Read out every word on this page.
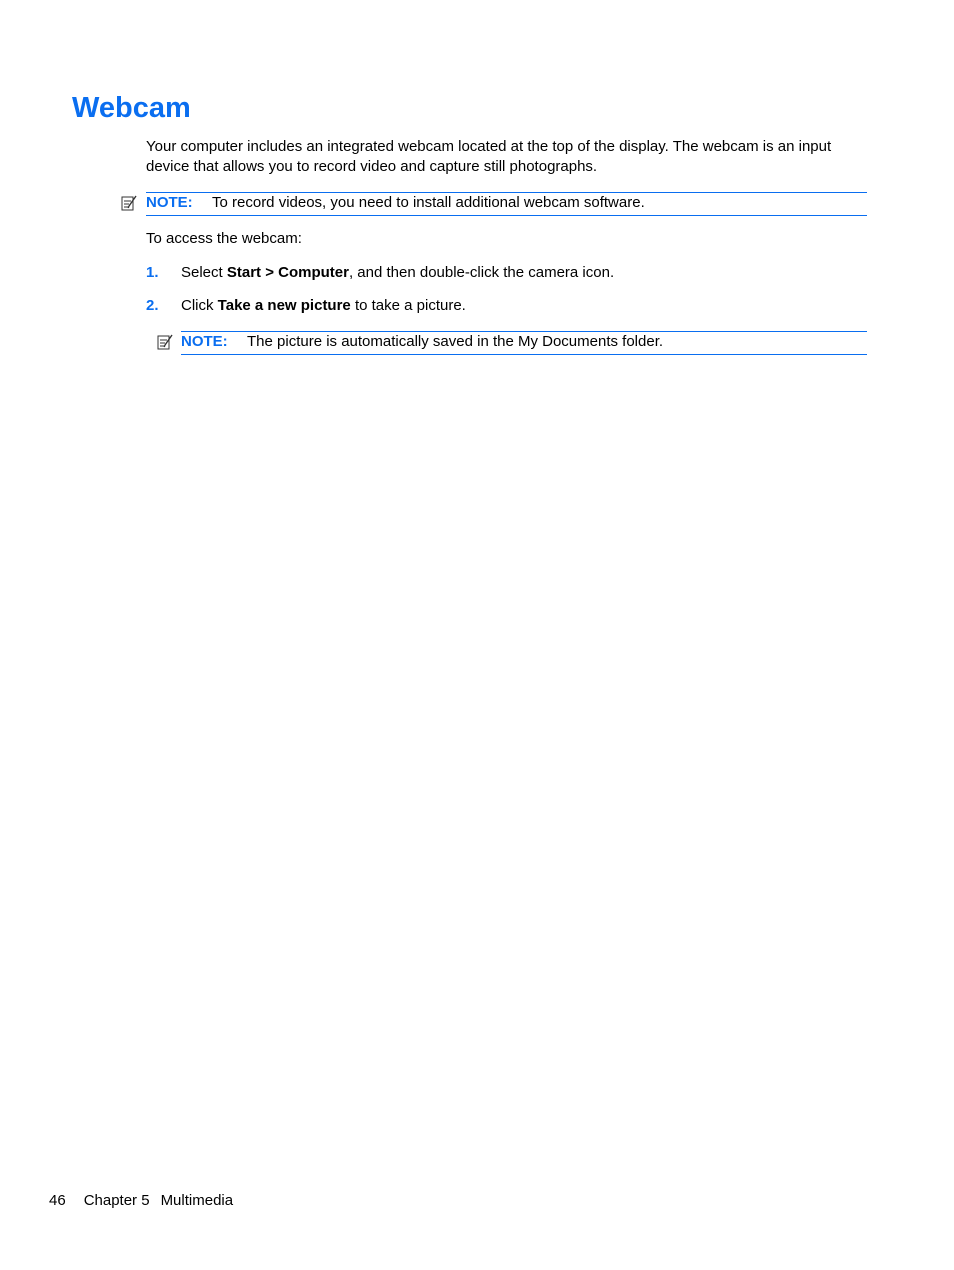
Webcam

Your computer includes an integrated webcam located at the top of the display. The webcam is an input device that allows you to record video and capture still photographs.

NOTE: To record videos, you need to install additional webcam software.

To access the webcam:

1. Select Start > Computer, and then double-click the camera icon.
2. Click Take a new picture to take a picture.
NOTE: The picture is automatically saved in the My Documents folder.
46 Chapter 5 Multimedia
